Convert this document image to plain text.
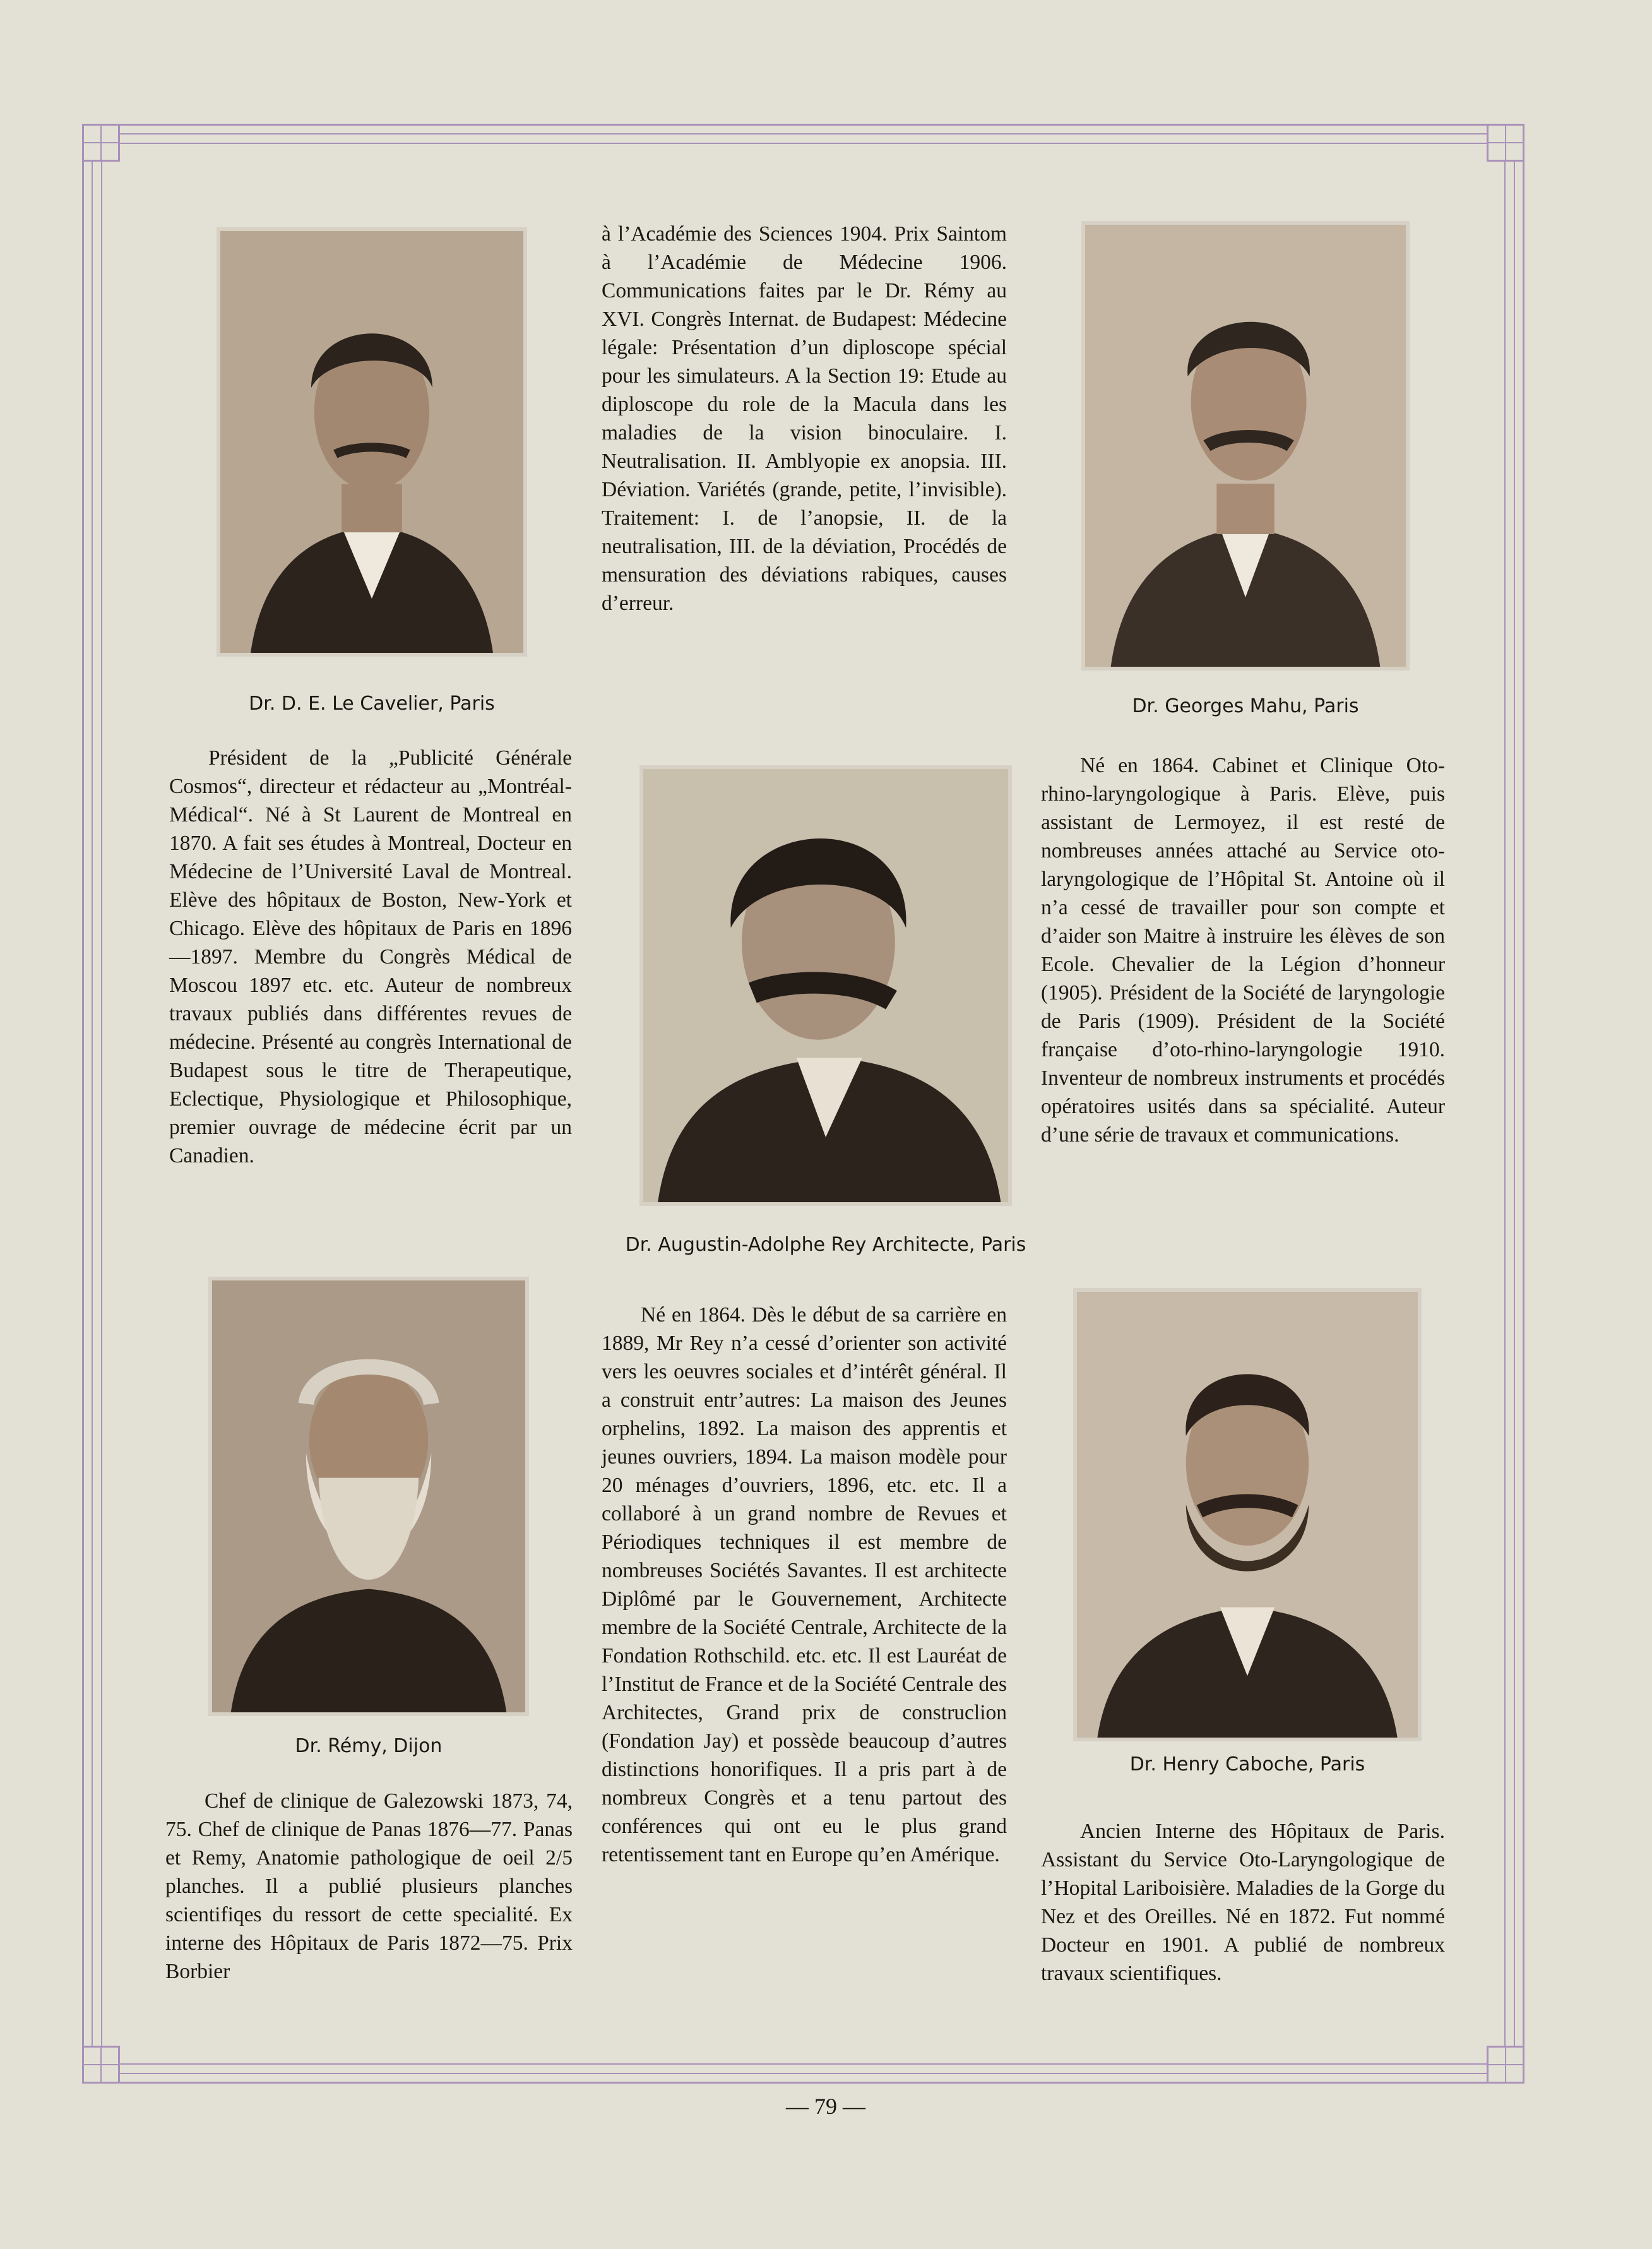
Dr. D. E. Le Cavelier, Paris	Dr. Georges Mahu, Paris
Dr. Augustin-Adolphe Rey Architecte, Paris
Dr. Rémy, Dijon
Dr. Henry Caboche, Paris

à l’Académie des Sciences 1904. Prix Saintom à l’Académie de Médecine 1906. Communications faites par le Dr. Rémy au XVI. Congrès Internat. de Budapest: Médecine légale: Présentation d’un diploscope spécial pour les simulateurs. A la Section 19: Etude au diploscope du role de la Macula dans les maladies de la vision binoculaire. I. Neutralisation. II. Amblyopie ex anopsia. III. Déviation. Variétés (grande, petite, l’invisible). Traitement: I. de l’anopsie, II. de la neutralisation, III. de la déviation, Procédés de mensuration des déviations rabiques, causes d’erreur.

Président de la „Publicité Générale Cosmos“, directeur et rédacteur au „Montréal-Médical“. Né à St Laurent de Montreal en 1870. A fait ses études à Montreal, Docteur en Médecine de l’Université Laval de Montreal. Elève des hôpitaux de Boston, New-York et Chicago. Elève des hôpitaux de Paris en 1896—1897. Membre du Congrès Médical de Moscou 1897 etc. etc. Auteur de nombreux travaux publiés dans différentes revues de médecine. Présenté au congrès International de Budapest sous le titre de Therapeutique, Eclectique, Physiologique et Philosophique, premier ouvrage de médecine écrit par un Canadien.

Né en 1864. Cabinet et Clinique Oto-rhino-laryngologique à Paris. Elève, puis assistant de Lermoyez, il est resté de nombreuses années attaché au Service oto-laryngologique de l’Hôpital St. Antoine où il n’a cessé de travailler pour son compte et d’aider son Maitre à instruire les élèves de son Ecole. Chevalier de la Légion d’honneur (1905). Président de la Société de laryngologie de Paris (1909). Président de la Société française d’oto-rhino-laryngologie 1910. Inventeur de nombreux instruments et procédés opératoires usités dans sa spécialité. Auteur d’une série de travaux et communications.

Né en 1864. Dès le début de sa carrière en 1889, Mr Rey n’a cessé d’orienter son activité vers les oeuvres sociales et d’intérêt général. Il a construit entr’autres: La maison des Jeunes orphelins, 1892. La maison des apprentis et jeunes ouvriers, 1894. La maison modèle pour 20 ménages d’ouvriers, 1896, etc. etc. Il a collaboré à un grand nombre de Revues et Périodiques techniques il est membre de nombreuses Sociétés Savantes. Il est architecte Diplômé par le Gouvernement, Architecte membre de la Société Centrale, Architecte de la Fondation Rothschild. etc. etc. Il est Lauréat de l’Institut de France et de la Société Centrale des Architectes, Grand prix de construclion (Fondation Jay) et possède beaucoup d’autres distinctions honorifiques. Il a pris part à de nombreux Congrès et a tenu partout des conférences qui ont eu le plus grand retentissement tant en Europe qu’en Amérique.

Chef de clinique de Galezowski 1873, 74, 75. Chef de clinique de Panas 1876—77. Panas et Remy, Anatomie pathologique de oeil 2/5 planches. Il a publié plusieurs planches scientifiqes du ressort de cette specialité. Ex interne des Hôpitaux de Paris 1872—75. Prix Borbier

Ancien Interne des Hôpitaux de Paris. Assistant du Service Oto-Laryngologique de l’Hopital Lariboisière. Maladies de la Gorge du Nez et des Oreilles. Né en 1872. Fut nommé Docteur en 1901. A publié de nombreux travaux scientifiques.

— 79 —
